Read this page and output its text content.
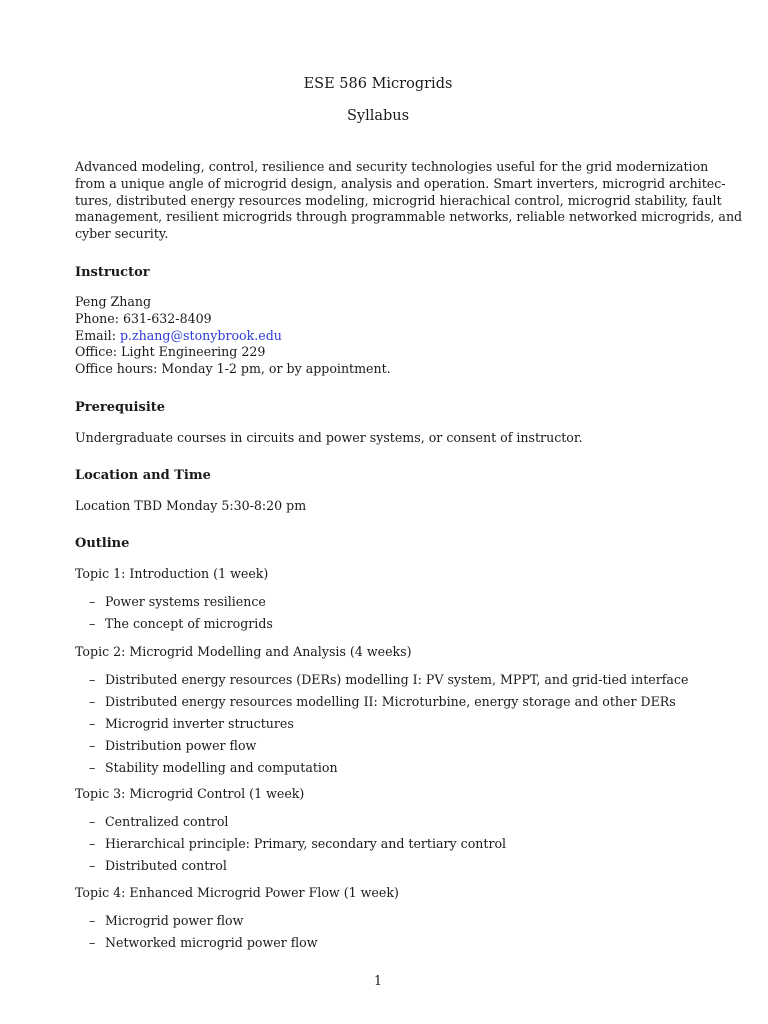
ESE 586 Microgrids
Syllabus
Advanced modeling, control, resilience and security technologies useful for the grid modernization
from a unique angle of microgrid design, analysis and operation. Smart inverters, microgrid architec-
tures, distributed energy resources modeling, microgrid hierachical control, microgrid stability, fault
management, resilient microgrids through programmable networks, reliable networked microgrids, and
cyber security.
Instructor
Peng Zhang
Phone: 631-632-8409
Email: p.zhang@stonybrook.edu
Office: Light Engineering 229
Office hours: Monday 1-2 pm, or by appointment.
Prerequisite
Undergraduate courses in circuits and power systems, or consent of instructor.
Location and Time
Location TBD Monday 5:30-8:20 pm
Outline
Topic 1: Introduction (1 week)
– Power systems resilience
– The concept of microgrids
Topic 2: Microgrid Modelling and Analysis (4 weeks)
– Distributed energy resources (DERs) modelling I: PV system, MPPT, and grid-tied interface
– Distributed energy resources modelling II: Microturbine, energy storage and other DERs
– Microgrid inverter structures
– Distribution power flow
– Stability modelling and computation
Topic 3: Microgrid Control (1 week)
– Centralized control
– Hierarchical principle: Primary, secondary and tertiary control
– Distributed control
Topic 4: Enhanced Microgrid Power Flow (1 week)
– Microgrid power flow
– Networked microgrid power flow
1
